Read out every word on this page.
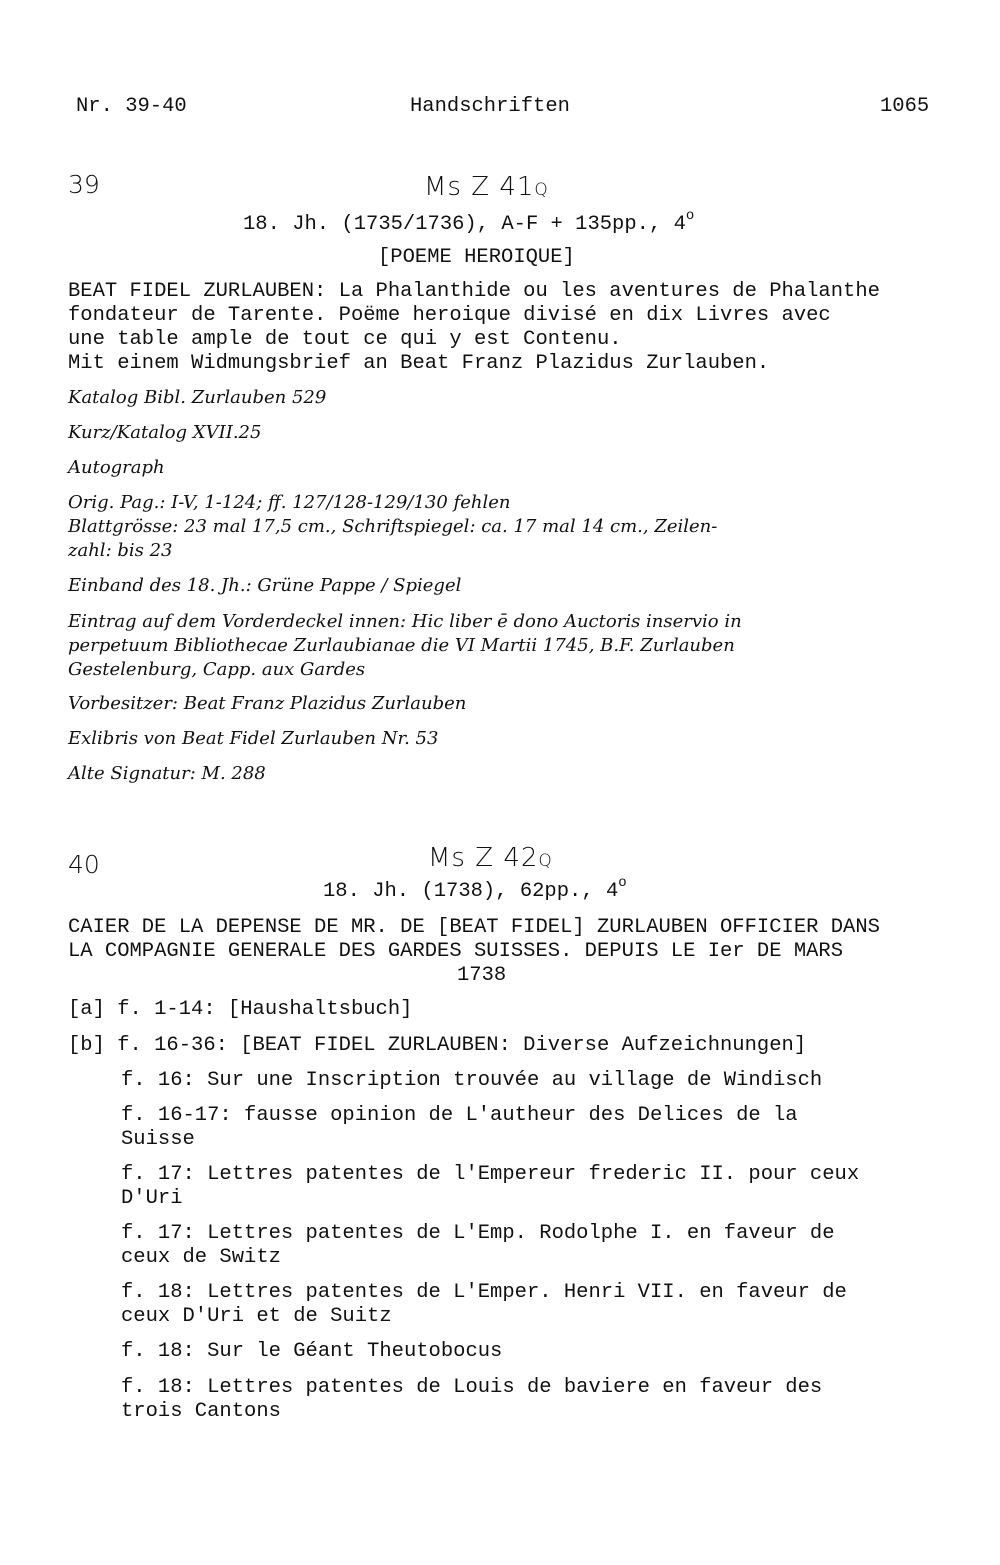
Nr. 39-40	Handschriften	1065
39	Ms Z 41Q
18. Jh. (1735/1736), A-F + 135pp., 4$^o$
[POEME HEROIQUE]
BEAT FIDEL ZURLAUBEN: La Phalanthide ou les aventures de Phalanthe
fondateur de Tarente. Poëme heroique divisé en dix Livres avec
une table ample de tout ce qui y est Contenu.
Mit einem Widmungsbrief an Beat Franz Plazidus Zurlauben.
Katalog Bibl. Zurlauben 529
Kurz/Katalog XVII.25
Autograph
Orig. Pag.: I-V, 1-124; ff. 127/128-129/130 fehlen
Blattgrösse: 23 mal 17,5 cm., Schriftspiegel: ca. 17 mal 14 cm., Zeilen-
zahl: bis 23
Einband des 18. Jh.: Grüne Pappe / Spiegel
Eintrag auf dem Vorderdeckel innen: Hic liber ē dono Auctoris inservio in
perpetuum Bibliothecae Zurlaubianae die VI Martii 1745, B.F. Zurlauben
Gestelenburg, Capp. aux Gardes
Vorbesitzer: Beat Franz Plazidus Zurlauben
Exlibris von Beat Fidel Zurlauben Nr. 53
Alte Signatur: M. 288
40	Ms Z 42Q
18. Jh. (1738), 62pp., 4$^o$
CAIER DE LA DEPENSE DE MR. DE [BEAT FIDEL] ZURLAUBEN OFFICIER DANS
LA COMPAGNIE GENERALE DES GARDES SUISSES. DEPUIS LE Ier DE MARS
1738
[a] f. 1-14: [Haushaltsbuch]
[b] f. 16-36: [BEAT FIDEL ZURLAUBEN: Diverse Aufzeichnungen]
f. 16: Sur une Inscription trouvée au village de Windisch
f. 16-17: fausse opinion de L'autheur des Delices de la
Suisse
f. 17: Lettres patentes de l'Empereur frederic II. pour ceux
D'Uri
f. 17: Lettres patentes de L'Emp. Rodolphe I. en faveur de
ceux de Switz
f. 18: Lettres patentes de L'Emper. Henri VII. en faveur de
ceux D'Uri et de Suitz
f. 18: Sur le Géant Theutobocus
f. 18: Lettres patentes de Louis de baviere en faveur des
trois Cantons
